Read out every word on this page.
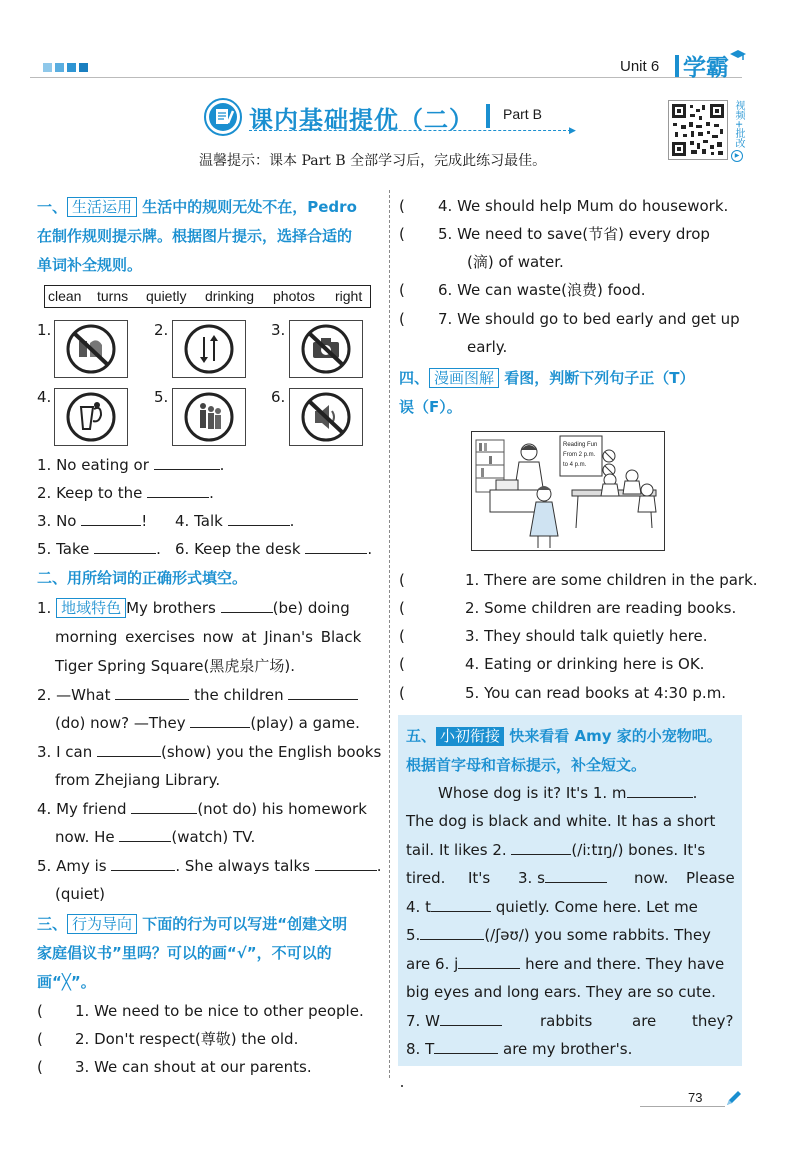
Unit 6 学霸
课内基础提优（二） Part B
▶	视频+批改
▶
温馨提示：课本 Part B 全部学习后，完成此练习最佳。
一、 生活运用 生活中的规则无处不在，Pedro
在制作规则提示牌。根据图片提示，选择合适的
单词补全规则。
clean turns quietly drinking photos right
1.	2.	3.
4.	5.	6.
1. No eating or	.
2. Keep to the	.
3. No	! 4. Talk	.
5. Take	. 6. Keep the desk	.
二、用所给词的正确形式填空。
1. 地域特色 My brothers	(be) doing
morning exercises now at Jinan's Black
Tiger Spring Square(黑虎泉广场).
2. —What	the children
(do) now? —They	(play) a game.
3. I can	(show) you the English books
from Zhejiang Library.
4. My friend	(not do) his homework
now. He	(watch) TV.
5. Amy is	. She always talks	.
(quiet)
三、 行为导向 下面的行为可以写进“创建文明
家庭倡议书”里吗？可以的画“√”，不可以的
画“╳”。
( 1. We need to be nice to other people.
( 2. Don't respect(尊敬) the old.
( 3. We can shout at our parents.
( 4. We should help Mum do housework.
( 5. We need to save(节省) every drop
(滴) of water.
( 6. We can waste(浪费) food.
( 7. We should go to bed early and get up
early.
四、 漫画图解 看图，判断下列句子正（T）
误（F）。
Reading Fun
From 2 p.m.
to 4 p.m.
(	1. There are some children in the park.
(	2. Some children are reading books.
(	3. They should talk quietly here.
(	4. Eating or drinking here is OK.
(	5. You can read books at 4:30 p.m.
五、 小初衔接 快来看看 Amy 家的小宠物吧。
根据首字母和音标提示，补全短文。
Whose dog is it? It's 1. m	.
The dog is black and white. It has a short
tail. It likes 2.	(/iːtɪŋ/) bones. It's
tired. It's 3. s	now. Please
4. t	quietly. Come here. Let me
5.	(/ʃəʊ/) you some rabbits. They
are 6. j	here and there. They have
big eyes and long ears. They are so cute.
7. W	rabbits	are they?
8. T	are my brother's.
73
